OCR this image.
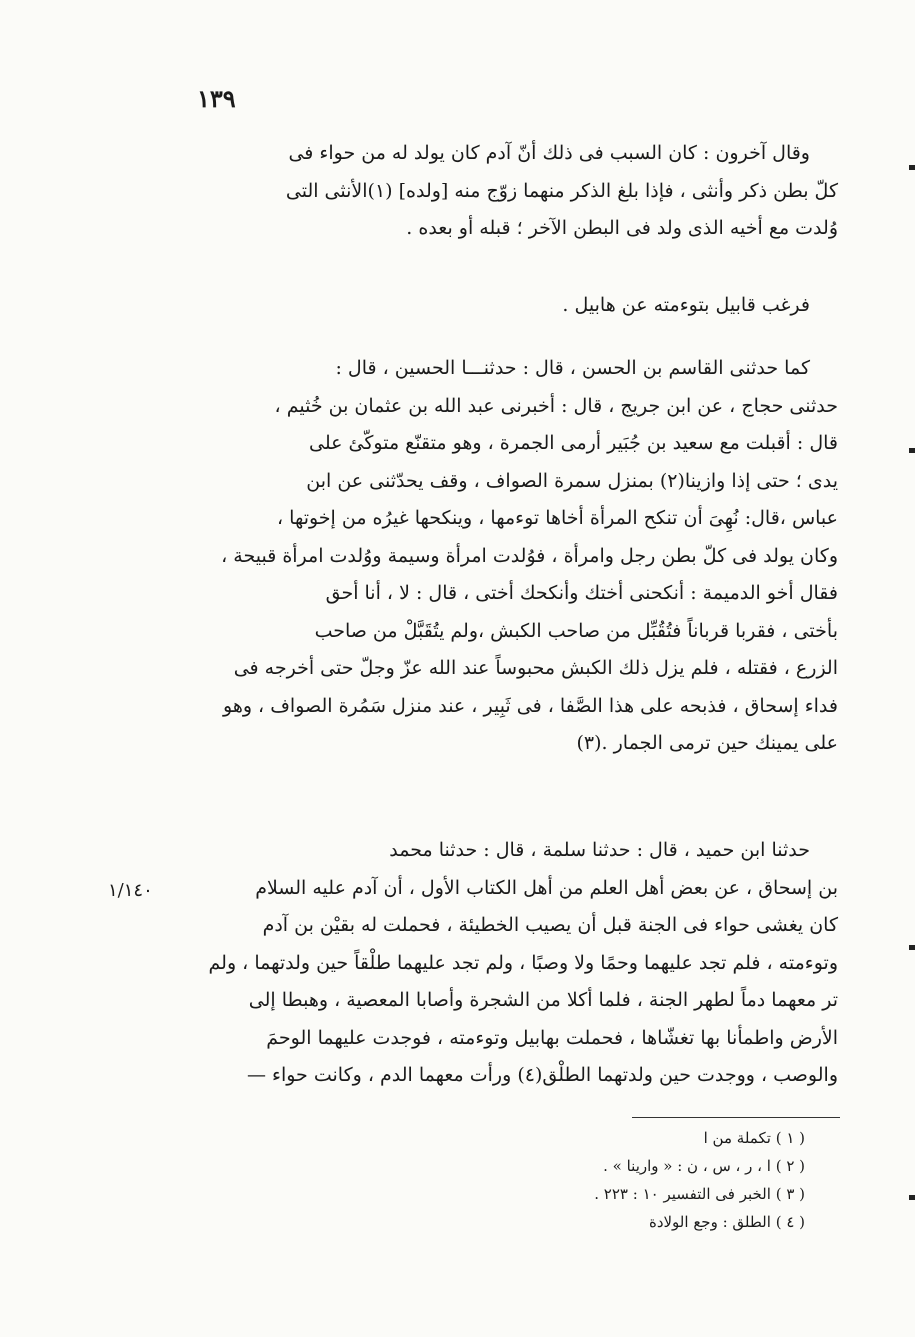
١٣٩
وقال آخرون : كان السبب فى ذلك أنّ آدم كان يولد له من حواء فى
كلّ بطن ذكر وأنثى ، فإذا بلغ الذكر منهما زوّج منه [ولده] (١)الأنثى التى
وُلدت مع أخيه الذى ولد فى البطن الآخر ؛ قبله أو بعده .
فرغب قابيل بتوءمته عن هابيل .
كما حدثنى القاسم بن الحسن ، قال : حدثنـــا الحسين ، قال :
حدثنى حجاج ، عن ابن جريج ، قال : أخبرنى عبد الله بن عثمان بن خُثيم ،
قال : أقبلت مع سعيد بن جُبَير أرمى الجمرة ، وهو متقنّع متوكّئ على
يدى ؛ حتى إذا وازينا(٢) بمنزل سمرة الصواف ، وقف يحدّثنى عن ابن
عباس ،قال: نُهِىَ أن تنكح المرأة أخاها توءمها ، وينكحها غيرُه من إخوتها ،
وكان يولد فى كلّ بطن رجل وامرأة ، فوُلدت امرأة وسيمة ووُلدت امرأة قبيحة ،
فقال أخو الدميمة : أنكحنى أختك وأنكحك أختى ، قال : لا ، أنا أحق
بأختى ، فقربا قرباناً فتُقُبِّل من صاحب الكبش ،ولم يتُقَبَّلْ من صاحب
الزرع ، فقتله ، فلم يزل ذلك الكبش محبوساً عند الله عزّ وجلّ حتى أخرجه فى
فداء إسحاق ، فذبحه على هذا الصَّفا ، فى ثَبِير ، عند منزل سَمُرة الصواف ، وهو
على يمينك حين ترمى الجمار .(٣)
حدثنا ابن حميد ، قال : حدثنا سلمة ، قال : حدثنا محمد
بن إسحاق ، عن بعض أهل العلم من أهل الكتاب الأول ، أن آدم عليه السلام
كان يغشى حواء فى الجنة قبل أن يصيب الخطيئة ، فحملت له بقيْن بن آدم
وتوءمته ، فلم تجد عليهما وحمًا ولا وصبًا ، ولم تجد عليهما طلْقاً حين ولدتهما ، ولم
تر معهما دماً لطهر الجنة ، فلما أكلا من الشجرة وأصابا المعصية ، وهبطا إلى
الأرض واطمأنا بها تغشّاها ، فحملت بهابيل وتوءمته ، فوجدت عليهما الوحمَ
والوصب ، ووجدت حين ولدتهما الطلْق(٤) ورأت معهما الدم ، وكانت حواء —
١/١٤٠
( ١ ) تكملة من ا
( ٢ ) ا ، ر ، س ، ن : « وارينا » .
( ٣ ) الخبر فى التفسير ١٠ : ٢٢٣ .
( ٤ ) الطلق : وجع الولادة
